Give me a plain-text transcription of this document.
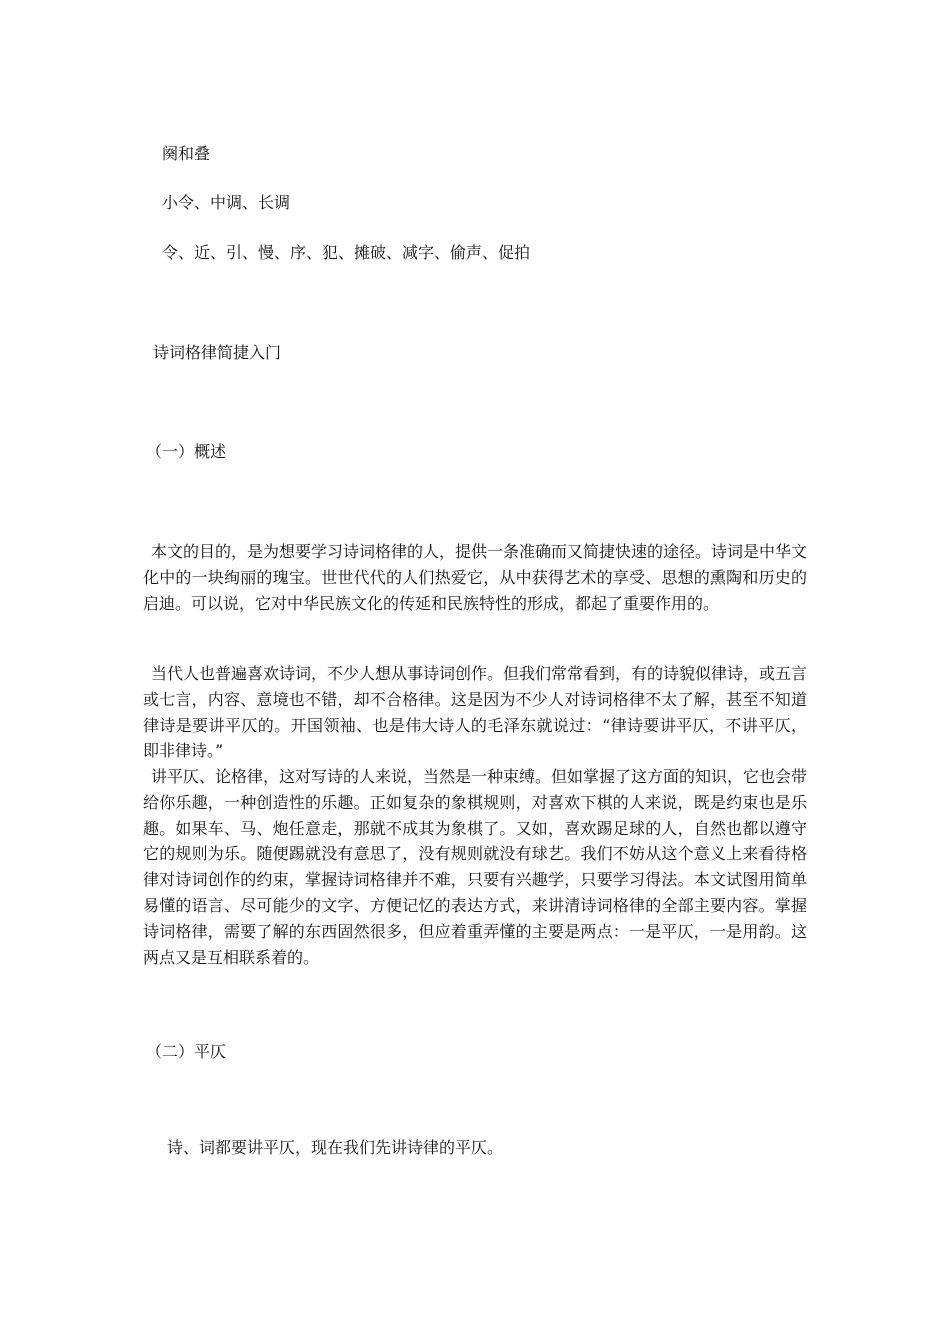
阕和叠

小令、中调、长调

令、近、引、慢、序、犯、摊破、减字、偷声、促拍

诗词格律简捷入门

（一）概述

本文的目的，是为想要学习诗词格律的人，提供一条准确而又简捷快速的途径。诗词是中华文化中的一块绚丽的瑰宝。世世代代的人们热爱它，从中获得艺术的享受、思想的熏陶和历史的启迪。可以说，它对中华民族文化的传延和民族特性的形成，都起了重要作用的。

当代人也普遍喜欢诗词，不少人想从事诗词创作。但我们常常看到，有的诗貌似律诗，或五言或七言，内容、意境也不错，却不合格律。这是因为不少人对诗词格律不太了解，甚至不知道律诗是要讲平仄的。开国领袖、也是伟大诗人的毛泽东就说过：“律诗要讲平仄，不讲平仄，即非律诗。”

讲平仄、论格律，这对写诗的人来说，当然是一种束缚。但如掌握了这方面的知识，它也会带给你乐趣，一种创造性的乐趣。正如复杂的象棋规则，对喜欢下棋的人来说，既是约束也是乐趣。如果车、马、炮任意走，那就不成其为象棋了。又如，喜欢踢足球的人，自然也都以遵守它的规则为乐。随便踢就没有意思了，没有规则就没有球艺。我们不妨从这个意义上来看待格律对诗词创作的约束，掌握诗词格律并不难，只要有兴趣学，只要学习得法。本文试图用简单易懂的语言、尽可能少的文字、方便记忆的表达方式，来讲清诗词格律的全部主要内容。掌握诗词格律，需要了解的东西固然很多，但应着重弄懂的主要是两点：一是平仄，一是用韵。这两点又是互相联系着的。

（二）平仄

诗、词都要讲平仄，现在我们先讲诗律的平仄。
